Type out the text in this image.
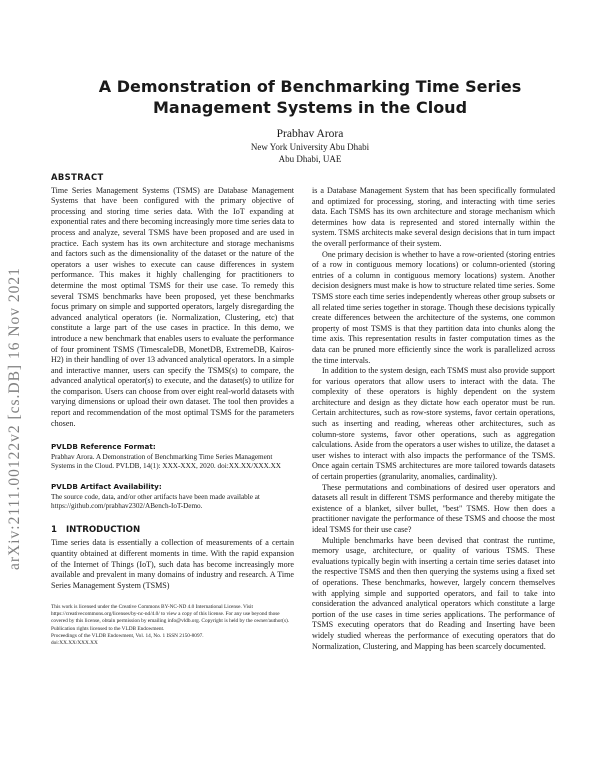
arXiv:2111.00122v2 [cs.DB] 16 Nov 2021
A Demonstration of Benchmarking Time Series Management Systems in the Cloud
Prabhav Arora
New York University Abu Dhabi
Abu Dhabi, UAE
ABSTRACT

Time Series Management Systems (TSMS) are Database Management Systems that have been configured with the primary objective of processing and storing time series data. With the IoT expanding at exponential rates and there becoming increasingly more time series data to process and analyze, several TSMS have been proposed and are used in practice. Each system has its own architecture and storage mechanisms and factors such as the dimensionality of the dataset or the nature of the operators a user wishes to execute can cause differences in system performance. This makes it highly challenging for practitioners to determine the most optimal TSMS for their use case. To remedy this several TSMS benchmarks have been proposed, yet these benchmarks focus primary on simple and supported operators, largely disregarding the advanced analytical operators (ie. Normalization, Clustering, etc) that constitute a large part of the use cases in practice. In this demo, we introduce a new benchmark that enables users to evaluate the performance of four prominent TSMS (TimescaleDB, MonetDB, ExtremeDB, Kairos-H2) in their handling of over 13 advanced analytical operators. In a simple and interactive manner, users can specify the TSMS(s) to compare, the advanced analytical operator(s) to execute, and the dataset(s) to utilize for the comparison. Users can choose from over eight real-world datasets with varying dimensions or upload their own dataset. The tool then provides a report and recommendation of the most optimal TSMS for the parameters chosen.

PVLDB Reference Format:

Prabhav Arora. A Demonstration of Benchmarking Time Series Management Systems in the Cloud. PVLDB, 14(1): XXX-XXX, 2020. doi:XX.XX/XXX.XX

PVLDB Artifact Availability:

The source code, data, and/or other artifacts have been made available at https://github.com/prabhav2302/ABench-IoT-Demo.

1 INTRODUCTION

Time series data is essentially a collection of measurements of a certain quantity obtained at different moments in time. With the rapid expansion of the Internet of Things (IoT), such data has become increasingly more available and prevalent in many domains of industry and research. A Time Series Management System (TSMS)

This work is licensed under the Creative Commons BY-NC-ND 4.0 International License. Visit https://creativecommons.org/licenses/by-nc-nd/4.0/ to view a copy of this license. For any use beyond those covered by this license, obtain permission by emailing info@vldb.org. Copyright is held by the owner/author(s). Publication rights licensed to the VLDB Endowment.

Proceedings of the VLDB Endowment, Vol. 14, No. 1 ISSN 2150-8097.

doi:XX.XX/XXX.XX

is a Database Management System that has been specifically formulated and optimized for processing, storing, and interacting with time series data. Each TSMS has its own architecture and storage mechanism which determines how data is represented and stored internally within the system. TSMS architects make several design decisions that in turn impact the overall performance of their system.

One primary decision is whether to have a row-oriented (storing entries of a row in contiguous memory locations) or column-oriented (storing entries of a column in contiguous memory locations) system. Another decision designers must make is how to structure related time series. Some TSMS store each time series independently whereas other group subsets or all related time series together in storage. Though these decisions typically create differences between the architecture of the systems, one common property of most TSMS is that they partition data into chunks along the time axis. This representation results in faster computation times as the data can be pruned more efficiently since the work is parallelized across the time intervals.

In addition to the system design, each TSMS must also provide support for various operators that allow users to interact with the data. The complexity of these operators is highly dependent on the system architecture and design as they dictate how each operator must be run. Certain architectures, such as row-store systems, favor certain operations, such as inserting and reading, whereas other architectures, such as column-store systems, favor other operations, such as aggregation calculations. Aside from the operators a user wishes to utilize, the dataset a user wishes to interact with also impacts the performance of the TSMS. Once again certain TSMS architectures are more tailored towards datasets of certain properties (granularity, anomalies, cardinality).

These permutations and combinations of desired user operators and datasets all result in different TSMS performance and thereby mitigate the existence of a blanket, silver bullet, "best" TSMS. How then does a practitioner navigate the performance of these TSMS and choose the most ideal TSMS for their use case?

Multiple benchmarks have been devised that contrast the runtime, memory usage, architecture, or quality of various TSMS. These evaluations typically begin with inserting a certain time series dataset into the respective TSMS and then then querying the systems using a fixed set of operations. These benchmarks, however, largely concern themselves with applying simple and supported operators, and fail to take into consideration the advanced analytical operators which constitute a large portion of the use cases in time series applications. The performance of TSMS executing operators that do Reading and Inserting have been widely studied whereas the performance of executing operators that do Normalization, Clustering, and Mapping has been scarcely documented.
